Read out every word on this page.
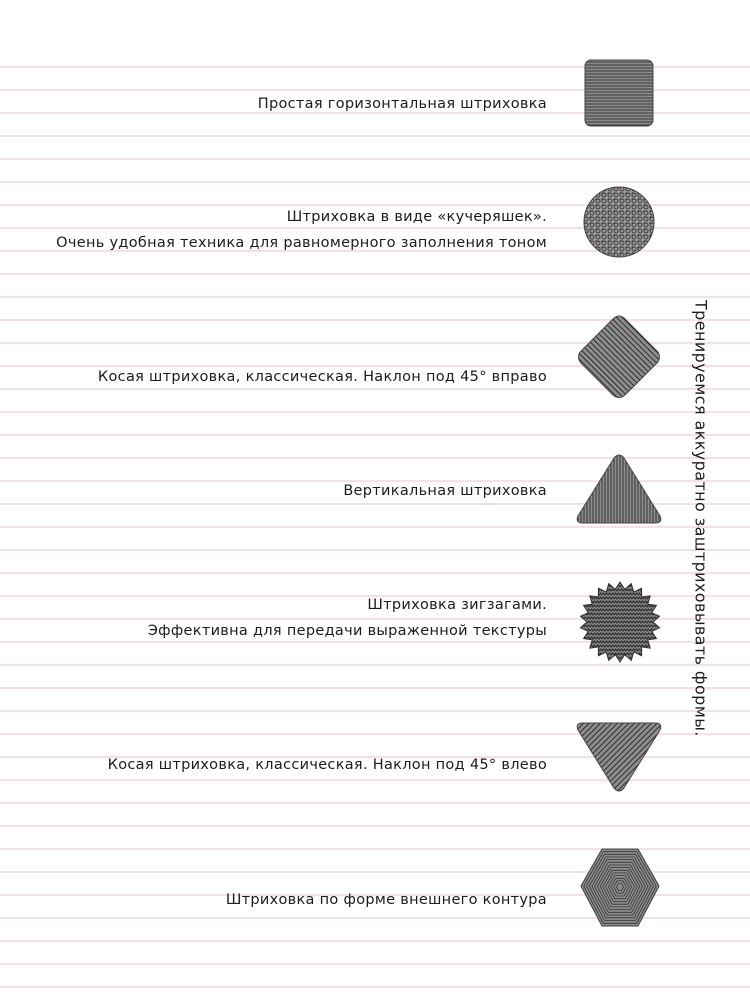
Тренируемся аккуратно заштриховывать формы.
Простая горизонтальная штриховка
Штриховка в виде «кучеряшек».
Очень удобная техника для равномерного заполнения тоном
Косая штриховка, классическая. Наклон под 45° вправо
Вертикальная штриховка
Штриховка зигзагами.
Эффективна для передачи выраженной текстуры
Косая штриховка, классическая. Наклон под 45° влево
Штриховка по форме внешнего контура
